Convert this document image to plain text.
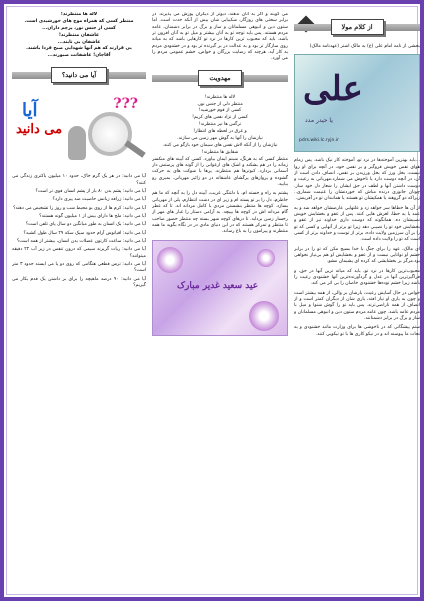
لاله ها منتظرند!
منتظر کسی که همراه موج های خورشیدی است.
کسی از جنس نور، پرچم داران...
عاشقان منتظرند!
عاشقان بی تابند...
بی قرارند که هم آنها شهدایی صبح فردا باشند.
آقاجان! عاشقانت صبورند...
آیا می دانید؟
???
آیا
می دانید

آیا می دانید: در هر یک گرم خاک، حدود ۱۰ میلیون باکتری زندگی می کنند؟

آیا می دانید: پشم بدن ۸۰ بار از پشم انسان قوی تر است؟

آیا می دانید: زرافه زبانش حاصیت ضد پیری دارد؟

آیا می دانید: کرم ها از روی بو محیط شب و روز را تشخیص می دهند؟

آیا می دانید: ملخ ها دارای بیش از ۱ میلیون گونه هستند؟

آیا می دانید: یک انسان به طور میانگین دو سال پای تلفن است؟

آیا می دانید: اقیانوس آرام حدود سیک سکه ۲۹ سال طول کشید؟

آیا می دانید: ساعت کارتون عضلات بدن انسان، بیشتر از همه است؟

آیا می دانید: ربات گریزند سیمی که درون تنفس در زیر آب ۲۲ دقیقه میتوانند؟

آیا می دانید: ترس قطعی هنگامی که روی دو پا می ایستد حدود ۳ متر است؟

آیا می دانید: ۹۰ درصد ماهیچه را برای بر داشتن یک قدم بکار می گیریم؟

می کوبند و اگر به آنان ندهند، دیوتر از دیگران پوزش می پذیرند. در برابر سختی های روزگار، شکیبایی شان بیش از آنکه خدت است. اما ستون دین و انبوهی مسلمانان و ساز و برگ در برابر دشمنان، عامه مردم هستند. پس باید توجه تو به آنان بیشتر و میل تو به آنان افزون تر باشد. باید که محبوب ترین کارها در نزد تو کارهایی باشد که به میانه روی سازگار تر بود و به عدالت در بر گیرنده تر بود و در خشنودی مردم به کار آید. هرچند که رضایت بزرگان و خواص، خشم عمومی مردم را می آورد.

مهدویت
لاله ها منتظرند!
منتظر دلی از جنس نور،
کسی از قوم خورشید!
کسی از نژاد نفس های کریم!
نرگس ها نیز منتظرند!
و غرق در لحظه های انتظار!
نیازشان را آنها به گوش مهر زمین می سازند.
نیازشان را از آنکه لاش نفس های سیمان خود بازگو می کنند.
شقایق ها منتظرند!

منتظر کسی که به هرنگ، شبنم ایمان بیاورد. کسی که آیینه های منکسر زمانه را در هم بشکند و اشک های ارغوانی را از گونه های پرستش دار آسمانی بردارد. کبوترها هم منتظرند. پرها با شوکت های به حرکت گشوده و پروازهای پرگشای عاشقانه در دو زائیر مهربانی. بمیری رو بیایید.

پشتم به راه و خسته ام، با دلتنگی غریب، آیینه دل را به آنچه که ما هم خاطرم، دل را بر تو پسته ام و زیر ای در دشت انتظارم، پلی از مهربانی بسازد. کوچه ها منتظر بنشستن مردی با کامل مردانه اند. تا که عطر گام مردانه اش در کوچه ها بپیچد. به آرامی دستار را غبار های مهر از رخسار زمین بزداید. تا درهای کوچه شهر بسته چه منتظر حضور صاحب تا منتظر و تمرکز هستند که در این دنیای مادی در در نگاه بگوید ما همه منتظرند و پیرامون را به باغ رساند.

عید سعید غدیر مبارک
از کلام مولا

بخشی از نامه امام علی (ع) به مالک اشتر (عهدنامه مالک)

علی
یا حیدر مدد
pdrs.wiki.Ic.ryjn.ir

...باید بهترین آموخته‌ها در نزد تو، آموخته کار نیک باشد. پس زمام هوای نفس خویش فروگیر و بر نفس خود، در آنچه برای او روا نیست، بخل ورز که بخل ورزیدن بر نفس، انصاف دادن است از آن، در آنچه دوست دارد یا ناخوش می شمارد.مهربانی به رعیت و دوست داشتن آنها و لطف در حق ایشان را شعار دل خود ساز. چونان جانوری درنده مباش که خوردنشان را غنیمت شماری.. زیراکه دو گروهند یا همکیشان تو هستند یا همانندان تو در آفرینش.

از آن ها خطاها سر خواهد زد و علتهایی عارضشان خواهد شد و به عمد یا به خطا، لغزش هایی کنند. پس از عفو و بخشایش خویش نصیبشان ده. همانگونه که دوست داری خداوند نیز از عفو و بخشایش خود تو را نصیبی دهد زیرا تو برتر از آنهایی و کسی که تو را بر آن سرزمین ولایت داده، برتر از توست و خداوند برتر از کسی است که تو را ولایت داده است.

ای مالک، عهد را برای جنگ با خدا بسیج مکن که تو را در برابر خشم او توانایی نیست و از عفو و بخشایش او هم بی‌نیاز نخواهی بود.مرگز بر بخشایشی که کرده ای پشیمان مشو.

محبوب‌ترین کارها در نزد تو، باید که میانه ترین آنها در حق، و فراگیرترین آنها در عدل و گردآورنده‌ترین آنها خشنودی رعیت را باشد زیرا خشم توده‌ها خشنودی خاصان را بی اثر می کند.

خواص در حال آسایش رعیت، بارشان بر والی، از همه بیشتر است و چون به یاری او نیاز افتد، یاری شان از دیگران کمتر است و از انصاف از همه ناراضی‌ترند. پس باید تو را گوش شنوا و میل با مردم عامه باشد. چون عامه مردم ستون دین و انبوهی مسلمانان و ساز و برگ در برابر دشمنانند.

ستم پیشگانی که در ناخوشی ها برای وزارت مانند خشنودی و به نجات ما پیوسته اند و در نیکو کاری ها با تو نیکوبی کنند.
